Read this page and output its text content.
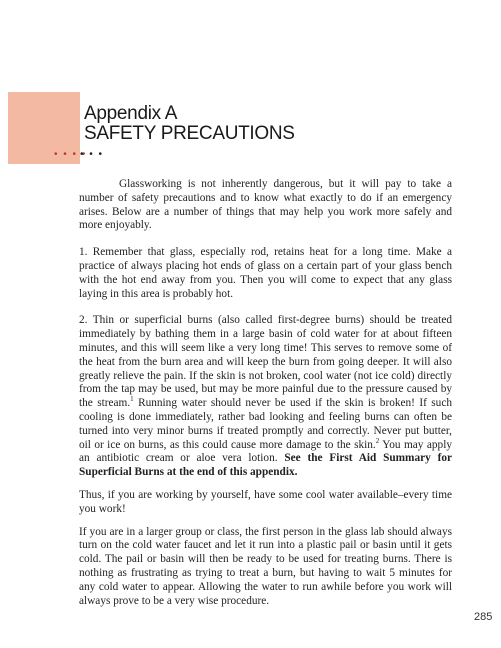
• • • •
• • •
Appendix A
SAFETY PRECAUTIONS

Glassworking is not inherently dangerous, but it will pay to take a number of safety precautions and to know what exactly to do if an emergency arises. Below are a number of things that may help you work more safely and more enjoyably.

1. Remember that glass, especially rod, retains heat for a long time. Make a practice of always placing hot ends of glass on a certain part of your glass bench with the hot end away from you. Then you will come to expect that any glass laying in this area is probably hot.

2. Thin or superficial burns (also called first-degree burns) should be treated immediately by bathing them in a large basin of cold water for at about fifteen minutes, and this will seem like a very long time! This serves to remove some of the heat from the burn area and will keep the burn from going deeper. It will also greatly relieve the pain. If the skin is not broken, cool water (not ice cold) directly from the tap may be used, but may be more painful due to the pressure caused by the stream.$^1$ Running water should never be used if the skin is broken! If such cooling is done immediately, rather bad looking and feeling burns can often be turned into very minor burns if treated promptly and correctly. Never put butter, oil or ice on burns, as this could cause more damage to the skin.$^2$ You may apply an antibiotic cream or aloe vera lotion. See the First Aid Summary for Superficial Burns at the end of this appendix.

Thus, if you are working by yourself, have some cool water available–every time you work!

If you are in a larger group or class, the first person in the glass lab should always turn on the cold water faucet and let it run into a plastic pail or basin until it gets cold. The pail or basin will then be ready to be used for treating burns. There is nothing as frustrating as trying to treat a burn, but having to wait 5 minutes for any cold water to appear. Allowing the water to run awhile before you work will always prove to be a very wise procedure.

285
